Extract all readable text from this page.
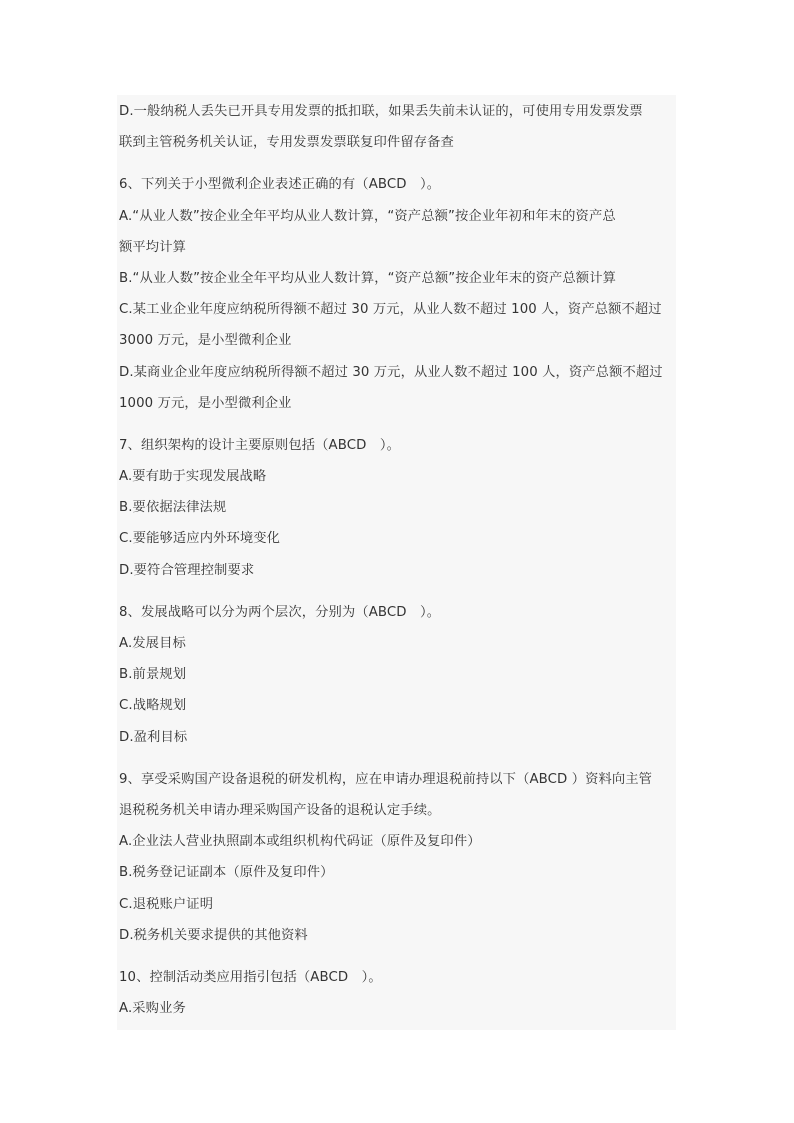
D.一般纳税人丢失已开具专用发票的抵扣联，如果丢失前未认证的，可使用专用发票发票
联到主管税务机关认证，专用发票发票联复印件留存备查
6、下列关于小型微利企业表述正确的有（ABCD　）。
A.“从业人数”按企业全年平均从业人数计算，“资产总额”按企业年初和年末的资产总
额平均计算
B.“从业人数”按企业全年平均从业人数计算，“资产总额”按企业年末的资产总额计算
C.某工业企业年度应纳税所得额不超过 30 万元，从业人数不超过 100 人，资产总额不超过
3000 万元，是小型微利企业
D.某商业企业年度应纳税所得额不超过 30 万元，从业人数不超过 100 人，资产总额不超过
1000 万元，是小型微利企业
7、组织架构的设计主要原则包括（ABCD　）。
A.要有助于实现发展战略
B.要依据法律法规
C.要能够适应内外环境变化
D.要符合管理控制要求
8、发展战略可以分为两个层次，分别为（ABCD　）。
A.发展目标
B.前景规划
C.战略规划
D.盈利目标
9、享受采购国产设备退税的研发机构，应在申请办理退税前持以下（ABCD ）资料向主管
退税税务机关申请办理采购国产设备的退税认定手续。
A.企业法人营业执照副本或组织机构代码证（原件及复印件）
B.税务登记证副本（原件及复印件）
C.退税账户证明
D.税务机关要求提供的其他资料
10、控制活动类应用指引包括（ABCD　）。
A.采购业务
